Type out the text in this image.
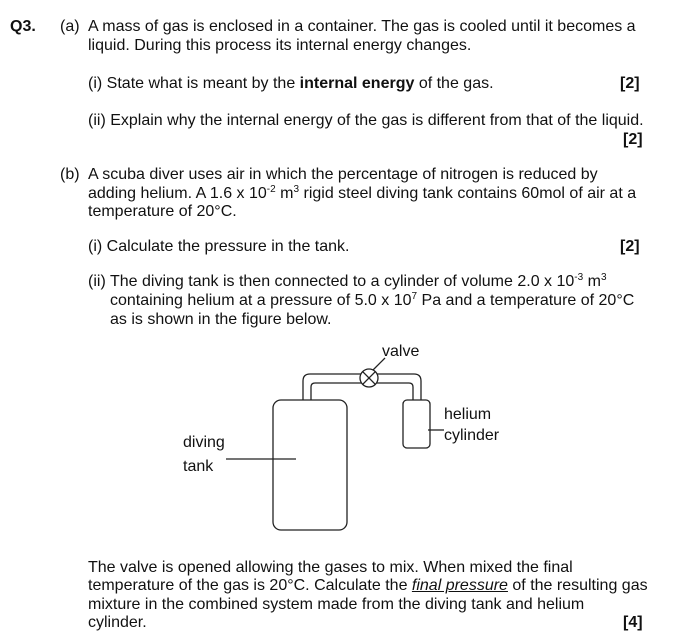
Q3. (a) A mass of gas is enclosed in a container. The gas is cooled until it becomes a
liquid. During this process its internal energy changes.
(i) State what is meant by the internal energy of the gas.	[2]
(ii) Explain why the internal energy of the gas is different from that of the liquid.
[2]
(b) A scuba diver uses air in which the percentage of nitrogen is reduced by
adding helium. A 1.6 x $10^{-2}$ $m^3$ rigid steel diving tank contains 60mol of air at a
temperature of 20°C.
(i) Calculate the pressure in the tank.	[2]
(ii) The diving tank is then connected to a cylinder of volume 2.0 x $10^{-3}$ $m^3$
containing helium at a pressure of 5.0 x $10^7$ Pa and a temperature of 20°C
as is shown in the figure below.
valve
helium
cylinder
diving
tank
The valve is opened allowing the gases to mix. When mixed the final
temperature of the gas is 20°C. Calculate the final pressure of the resulting gas
mixture in the combined system made from the diving tank and helium
cylinder.	[4]
